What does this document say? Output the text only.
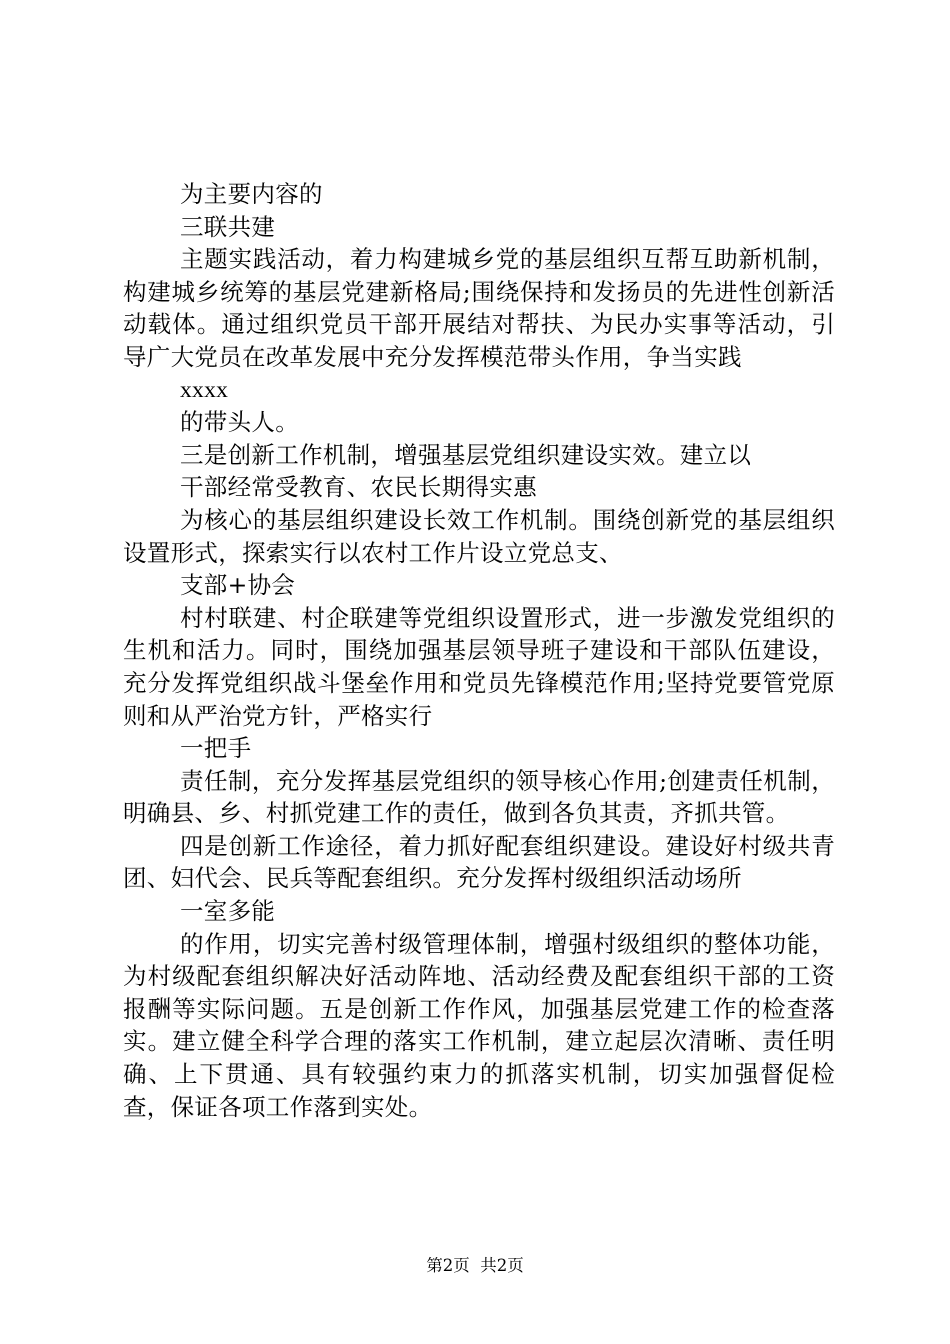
为主要内容的

三联共建

主题实践活动，着力构建城乡党的基层组织互帮互助新机制，构建城乡统筹的基层党建新格局;围绕保持和发扬员的先进性创新活动载体。通过组织党员干部开展结对帮扶、为民办实事等活动，引导广大党员在改革发展中充分发挥模范带头作用，争当实践

xxxx

的带头人。

三是创新工作机制，增强基层党组织建设实效。建立以

干部经常受教育、农民长期得实惠

为核心的基层组织建设长效工作机制。围绕创新党的基层组织设置形式，探索实行以农村工作片设立党总支、

支部+协会

村村联建、村企联建等党组织设置形式，进一步激发党组织的生机和活力。同时，围绕加强基层领导班子建设和干部队伍建设，充分发挥党组织战斗堡垒作用和党员先锋模范作用;坚持党要管党原则和从严治党方针，严格实行

一把手

责任制，充分发挥基层党组织的领导核心作用;创建责任机制，明确县、乡、村抓党建工作的责任，做到各负其责，齐抓共管。

四是创新工作途径，着力抓好配套组织建设。建设好村级共青团、妇代会、民兵等配套组织。充分发挥村级组织活动场所

一室多能

的作用，切实完善村级管理体制，增强村级组织的整体功能，为村级配套组织解决好活动阵地、活动经费及配套组织干部的工资报酬等实际问题。五是创新工作作风，加强基层党建工作的检查落实。建立健全科学合理的落实工作机制，建立起层次清晰、责任明确、上下贯通、具有较强约束力的抓落实机制，切实加强督促检查，保证各项工作落到实处。

第2页  共2页
